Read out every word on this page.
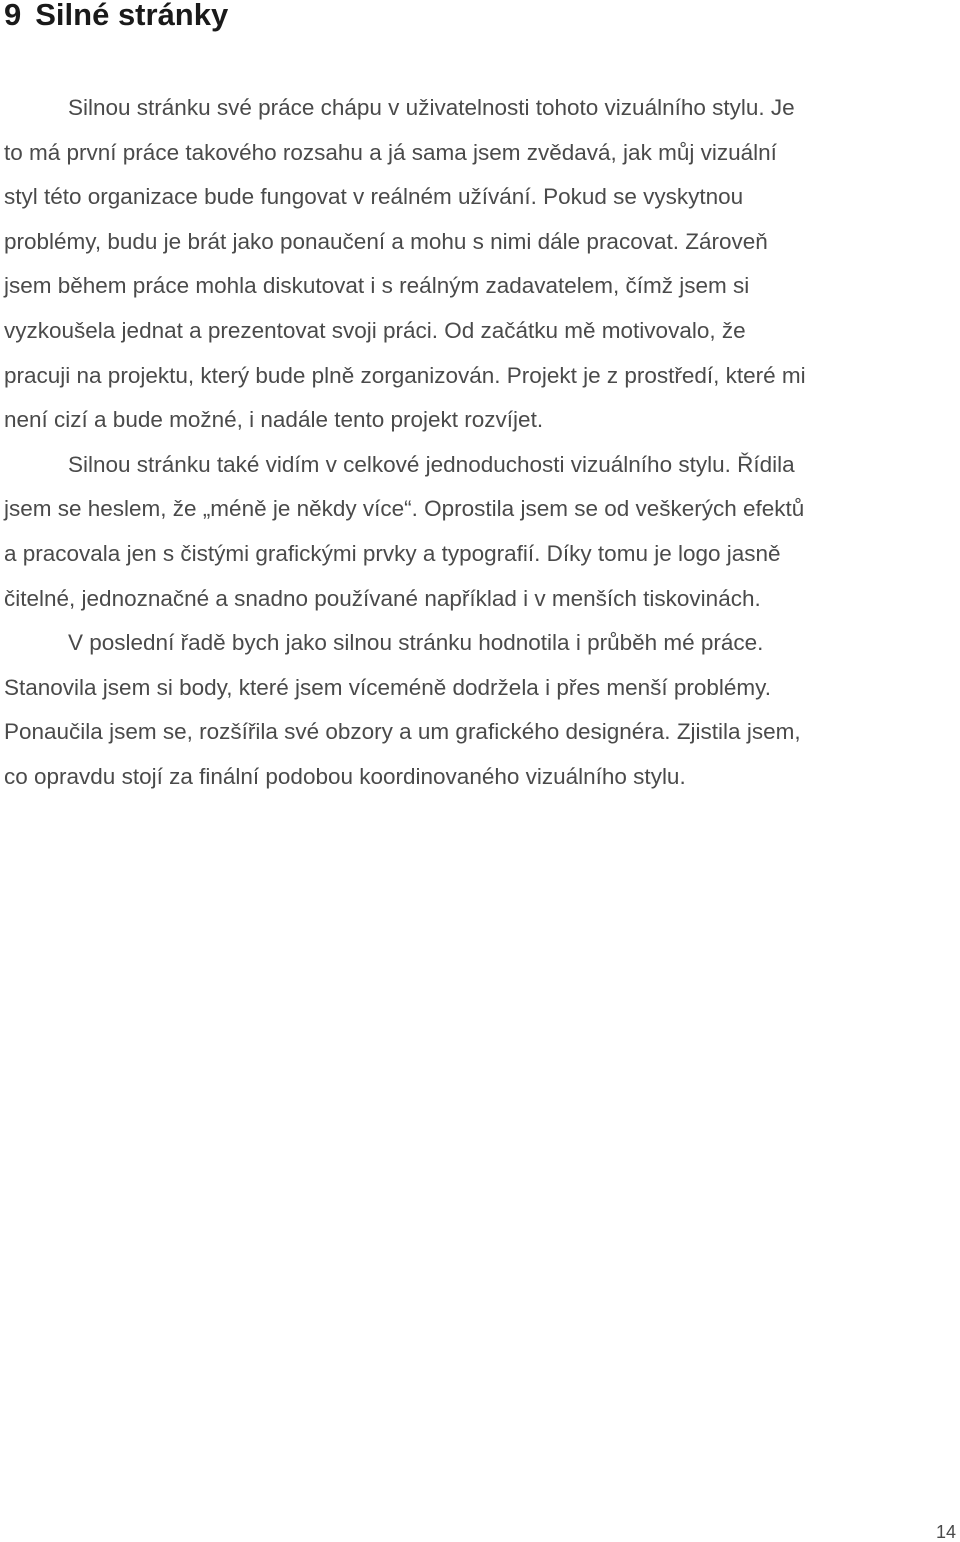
9 Silné stránky

Silnou stránku své práce chápu v uživatelnosti tohoto vizuálního stylu. Je
to má první práce takového rozsahu a já sama jsem zvědavá, jak můj vizuální
styl této organizace bude fungovat v reálném užívání. Pokud se vyskytnou
problémy, budu je brát jako ponaučení a mohu s nimi dále pracovat. Zároveň
jsem během práce mohla diskutovat i s reálným zadavatelem, čímž jsem si
vyzkoušela jednat a prezentovat svoji práci. Od začátku mě motivovalo, že
pracuji na projektu, který bude plně zorganizován. Projekt je z prostředí, které mi
není cizí a bude možné, i nadále tento projekt rozvíjet.

Silnou stránku také vidím v celkové jednoduchosti vizuálního stylu. Řídila
jsem se heslem, že „méně je někdy více“. Oprostila jsem se od veškerých efektů
a pracovala jen s čistými grafickými prvky a typografií. Díky tomu je logo jasně
čitelné, jednoznačné a snadno používané například i v menších tiskovinách.

V poslední řadě bych jako silnou stránku hodnotila i průběh mé práce.
Stanovila jsem si body, které jsem víceméně dodržela i přes menší problémy.
Ponaučila jsem se, rozšířila své obzory a um grafického designéra. Zjistila jsem,
co opravdu stojí za finální podobou koordinovaného vizuálního stylu.

14
